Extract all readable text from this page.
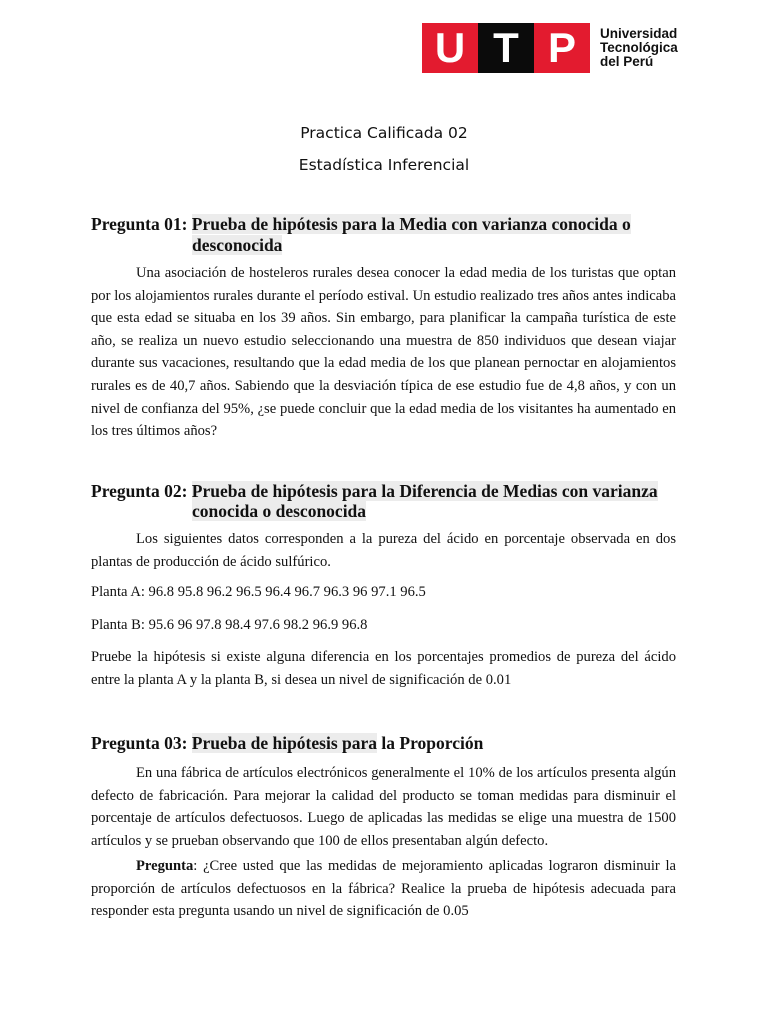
U T P	Universidad
Tecnológica
del Perú
Practica Calificada 02
Estadística Inferencial
Pregunta 01: Prueba de hipótesis para la Media con varianza conocida o
desconocida

Una asociación de hosteleros rurales desea conocer la edad media de los turistas que optan por los alojamientos rurales durante el período estival. Un estudio realizado tres años antes indicaba que esta edad se situaba en los 39 años. Sin embargo, para planificar la campaña turística de este año, se realiza un nuevo estudio seleccionando una muestra de 850 individuos que desean viajar durante sus vacaciones, resultando que la edad media de los que planean pernoctar en alojamientos rurales es de 40,7 años. Sabiendo que la desviación típica de ese estudio fue de 4,8 años, y con un nivel de confianza del 95%, ¿se puede concluir que la edad media de los visitantes ha aumentado en los tres últimos años?

Pregunta 02: Prueba de hipótesis para la Diferencia de Medias con varianza
conocida o desconocida

Los siguientes datos corresponden a la pureza del ácido en porcentaje observada en dos plantas de producción de ácido sulfúrico.

Planta A: 96.8 95.8 96.2 96.5 96.4 96.7 96.3 96 97.1 96.5
Planta B: 95.6 96 97.8 98.4 97.6 98.2 96.9 96.8

Pruebe la hipótesis si existe alguna diferencia en los porcentajes promedios de pureza del ácido entre la planta A y la planta B, si desea un nivel de significación de 0.01

Pregunta 03: Prueba de hipótesis para la Proporción

En una fábrica de artículos electrónicos generalmente el 10% de los artículos presenta algún defecto de fabricación. Para mejorar la calidad del producto se toman medidas para disminuir el porcentaje de artículos defectuosos. Luego de aplicadas las medidas se elige una muestra de 1500 artículos y se prueban observando que 100 de ellos presentaban algún defecto.

Pregunta: ¿Cree usted que las medidas de mejoramiento aplicadas lograron disminuir la proporción de artículos defectuosos en la fábrica? Realice la prueba de hipótesis adecuada para responder esta pregunta usando un nivel de significación de 0.05
